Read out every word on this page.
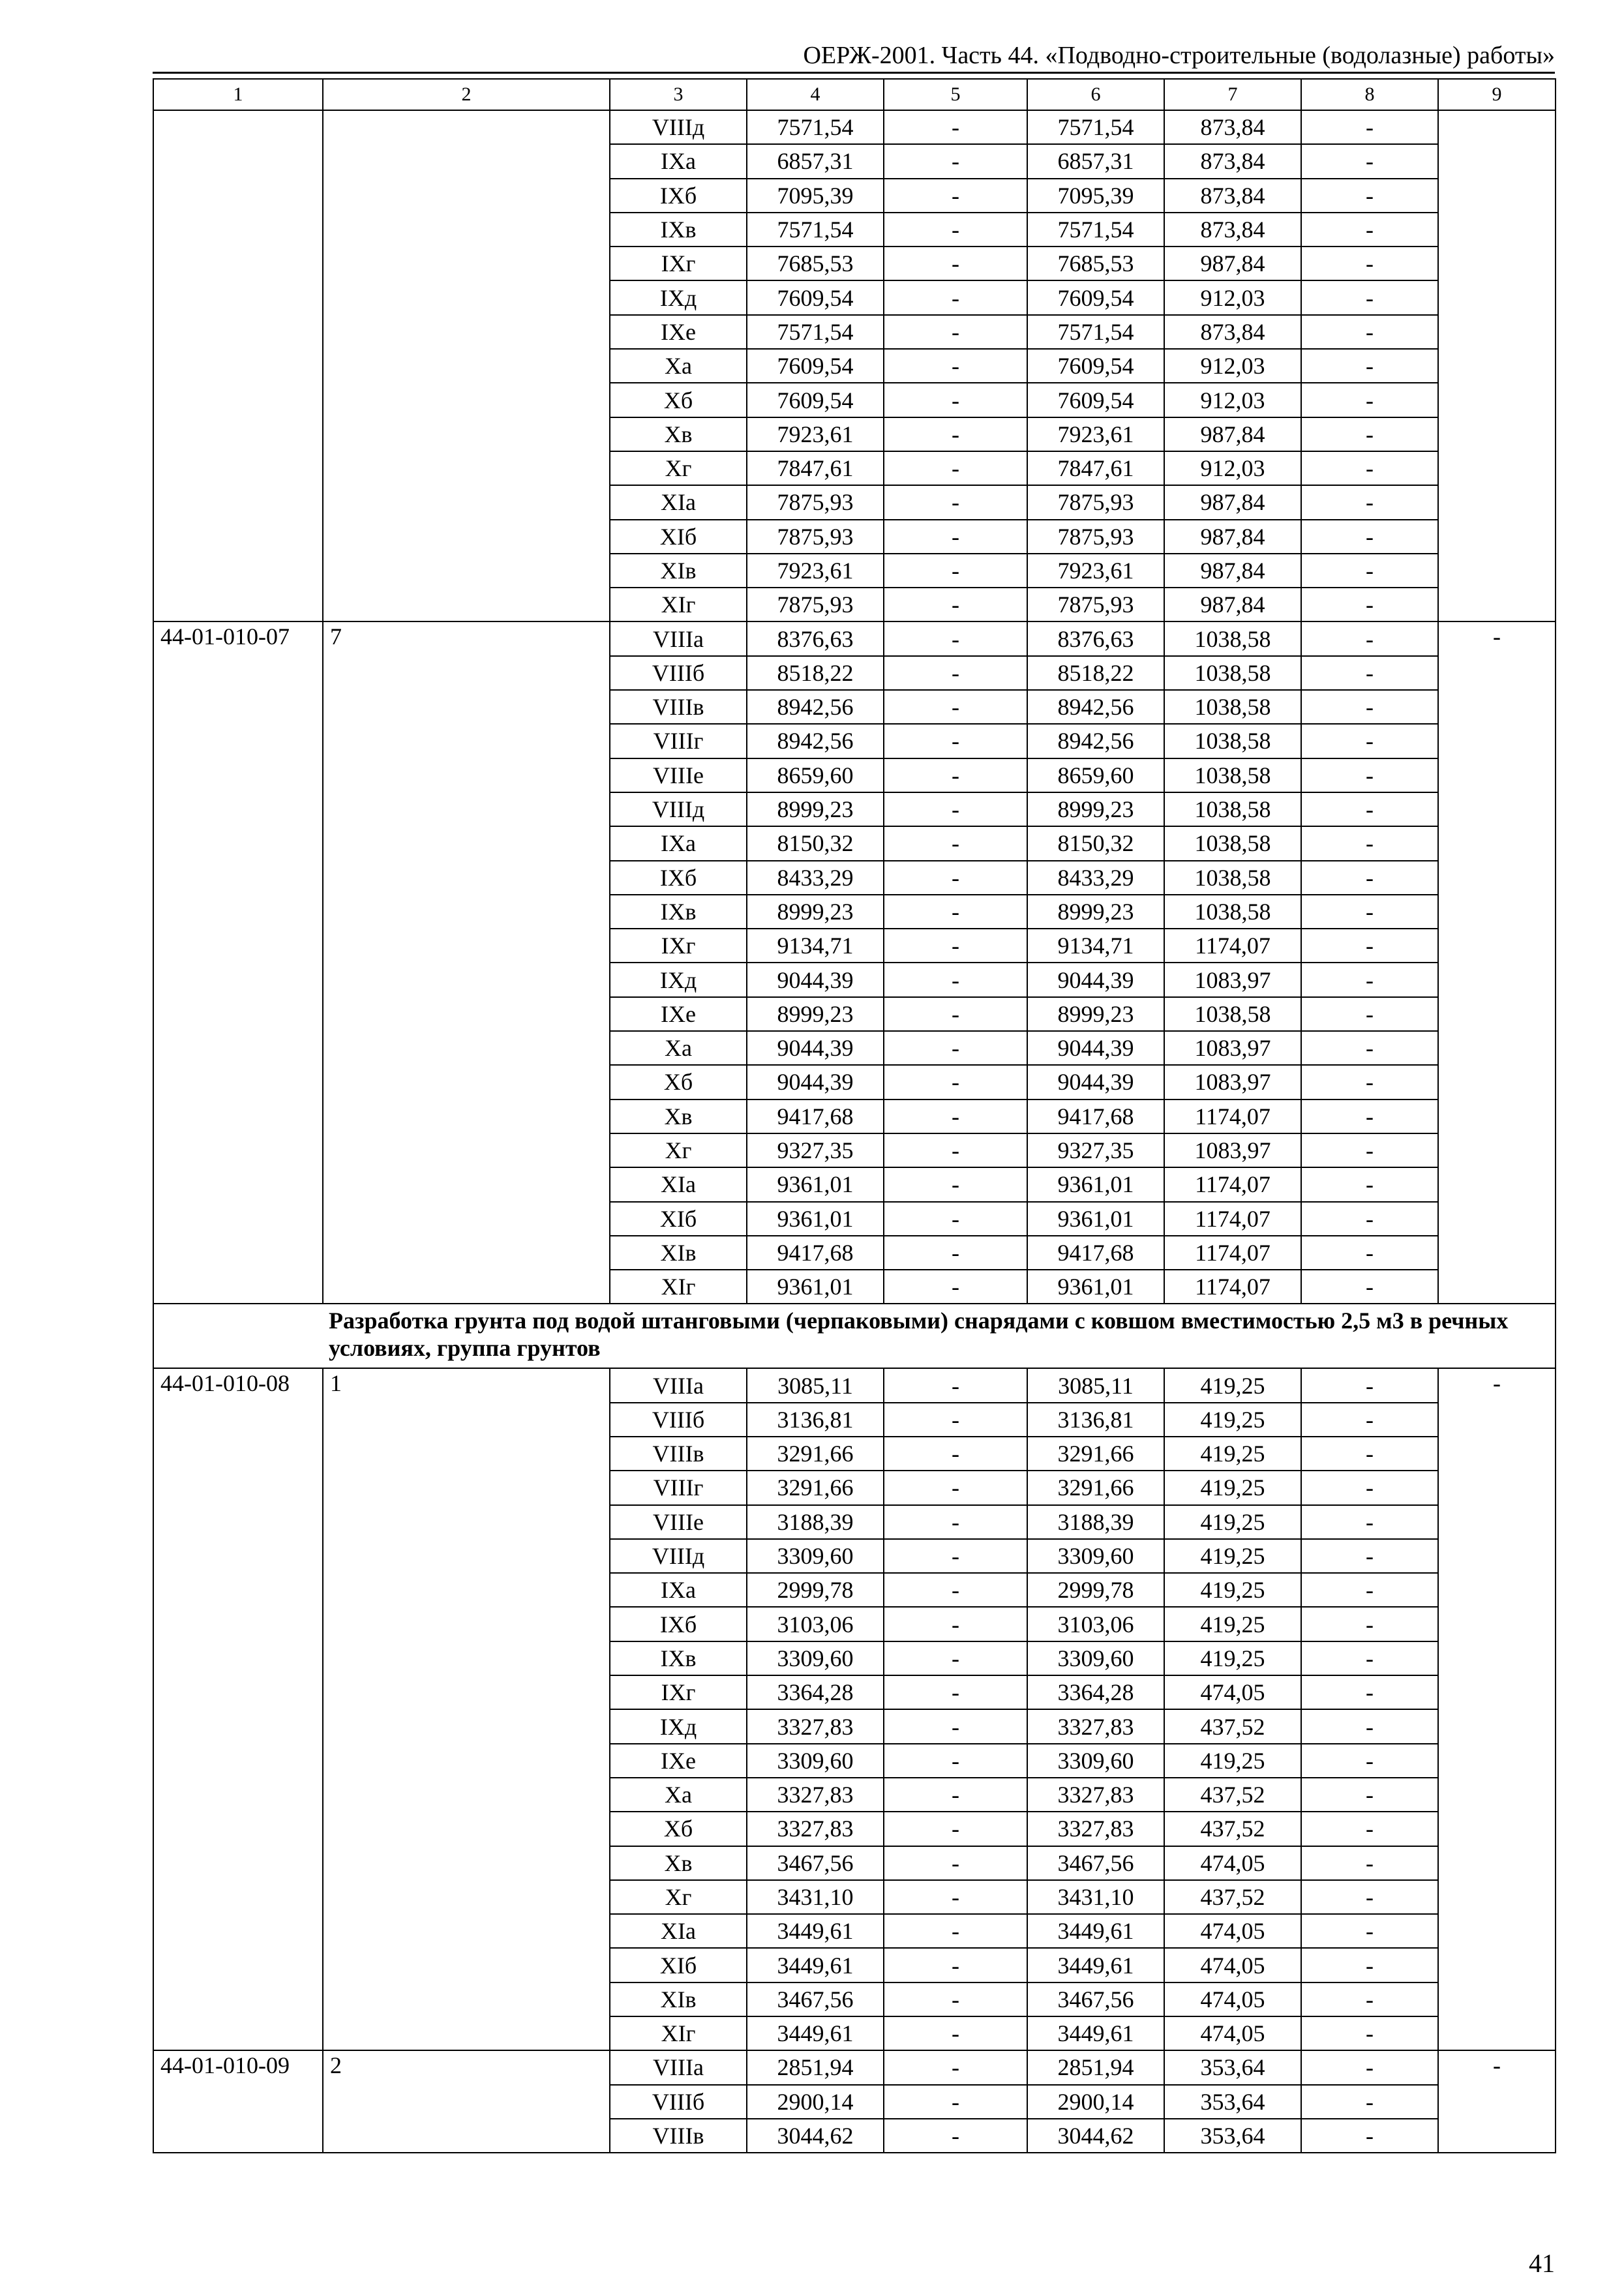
ОЕРЖ-2001. Часть 44. «Подводно-строительные (водолазные) работы»
1	2	3	4	5	6	7	8	9
		VIIIд	7571,54	-	7571,54	873,84	-	
		IXa	6857,31	-	6857,31	873,84	-	
		IXб	7095,39	-	7095,39	873,84	-	
		IXв	7571,54	-	7571,54	873,84	-	
		IXг	7685,53	-	7685,53	987,84	-	
		IXд	7609,54	-	7609,54	912,03	-	
		IXe	7571,54	-	7571,54	873,84	-	
		Xa	7609,54	-	7609,54	912,03	-	
		Xб	7609,54	-	7609,54	912,03	-	
		Xв	7923,61	-	7923,61	987,84	-	
		Xг	7847,61	-	7847,61	912,03	-	
		XIa	7875,93	-	7875,93	987,84	-	
		XIб	7875,93	-	7875,93	987,84	-	
		XIв	7923,61	-	7923,61	987,84	-	
		XIг	7875,93	-	7875,93	987,84	-	
44-01-010-07	7	VIIIa	8376,63	-	8376,63	1038,58	-	-
		VIIIб	8518,22	-	8518,22	1038,58	-	
		VIIIв	8942,56	-	8942,56	1038,58	-	
		VIIIг	8942,56	-	8942,56	1038,58	-	
		VIIIe	8659,60	-	8659,60	1038,58	-	
		VIIIд	8999,23	-	8999,23	1038,58	-	
		IXa	8150,32	-	8150,32	1038,58	-	
		IXб	8433,29	-	8433,29	1038,58	-	
		IXв	8999,23	-	8999,23	1038,58	-	
		IXг	9134,71	-	9134,71	1174,07	-	
		IXд	9044,39	-	9044,39	1083,97	-	
		IXe	8999,23	-	8999,23	1038,58	-	
		Xa	9044,39	-	9044,39	1083,97	-	
		Xб	9044,39	-	9044,39	1083,97	-	
		Xв	9417,68	-	9417,68	1174,07	-	
		Xг	9327,35	-	9327,35	1083,97	-	
		XIa	9361,01	-	9361,01	1174,07	-	
		XIб	9361,01	-	9361,01	1174,07	-	
		XIв	9417,68	-	9417,68	1174,07	-	
		XIг	9361,01	-	9361,01	1174,07	-	

Разработка грунта под водой штанговыми (черпаковыми) снарядами с ковшом вместимостью 2,5 м3 в речных условиях, группа грунтов								

44-01-010-08	1	VIIIa	3085,11	-	3085,11	419,25	-	-
		VIIIб	3136,81	-	3136,81	419,25	-	
		VIIIв	3291,66	-	3291,66	419,25	-	
		VIIIг	3291,66	-	3291,66	419,25	-	
		VIIIe	3188,39	-	3188,39	419,25	-	
		VIIIд	3309,60	-	3309,60	419,25	-	
		IXa	2999,78	-	2999,78	419,25	-	
		IXб	3103,06	-	3103,06	419,25	-	
		IXв	3309,60	-	3309,60	419,25	-	
		IXг	3364,28	-	3364,28	474,05	-	
		IXд	3327,83	-	3327,83	437,52	-	
		IXe	3309,60	-	3309,60	419,25	-	
		Xa	3327,83	-	3327,83	437,52	-	
		Xб	3327,83	-	3327,83	437,52	-	
		Xв	3467,56	-	3467,56	474,05	-	
		Xг	3431,10	-	3431,10	437,52	-	
		XIa	3449,61	-	3449,61	474,05	-	
		XIб	3449,61	-	3449,61	474,05	-	
		XIв	3467,56	-	3467,56	474,05	-	
		XIг	3449,61	-	3449,61	474,05	-	
44-01-010-09	2	VIIIa	2851,94	-	2851,94	353,64	-	-
		VIIIб	2900,14	-	2900,14	353,64	-	
		VIIIв	3044,62	-	3044,62	353,64	-	
41
